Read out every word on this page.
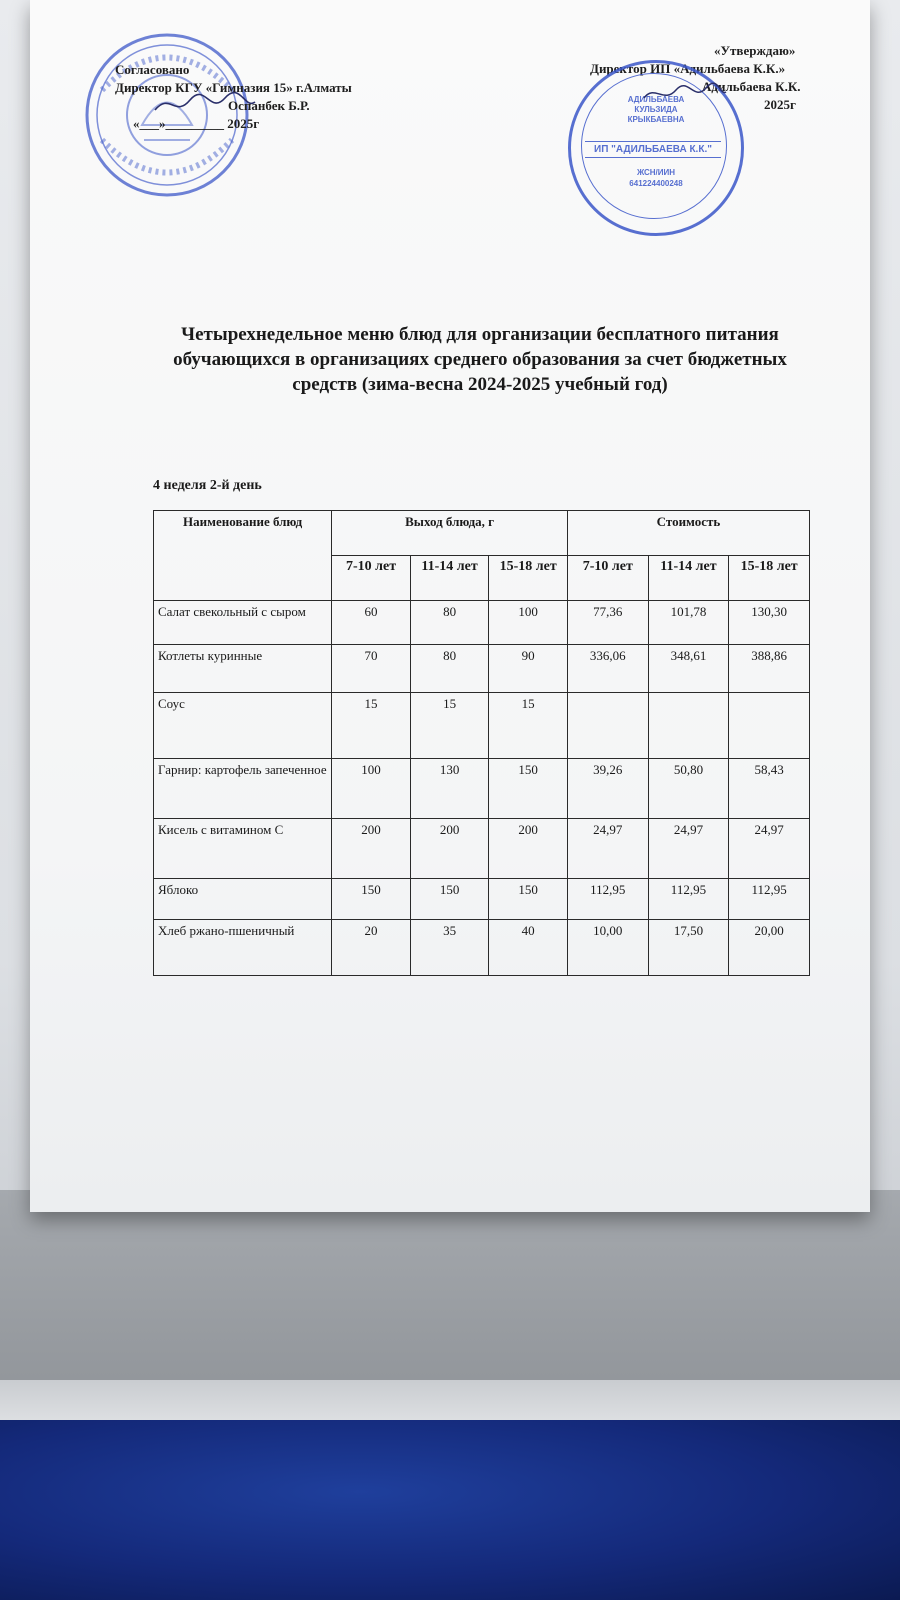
Согласовано
Директор КГУ «Гимназия 15» г.Алматы
Оспанбек Б.Р.
«___»_________ 2025г
«Утверждаю»
Директор ИП «Адильбаева К.К.»
Адильбаева К.К.
2025г
АДИЛЬБАЕВА
КУЛЬЗИДА
КРЫКБАЕВНА
ИП "АДИЛЬБАЕВА К.К."
ЖСН/ИИН
641224400248
Четырехнедельное меню блюд для организации бесплатного питания
обучающихся в организациях среднего образования за счет бюджетных
средств (зима-весна 2024-2025 учебный год)
4 неделя 2-й день
Наименование блюд	Выход блюда, г			Стоимость		
	7-10 лет	11-14 лет	15-18 лет	7-10 лет	11-14 лет	15-18 лет
Салат свекольный с сыром	60	80	100	77,36	101,78	130,30
Котлеты куринные	70	80	90	336,06	348,61	388,86
Соус	15	15	15			
Гарнир: картофель запеченное	100	130	150	39,26	50,80	58,43
Кисель с витамином С	200	200	200	24,97	24,97	24,97
Яблоко	150	150	150	112,95	112,95	112,95
Хлеб ржано-пшеничный	20	35	40	10,00	17,50	20,00
